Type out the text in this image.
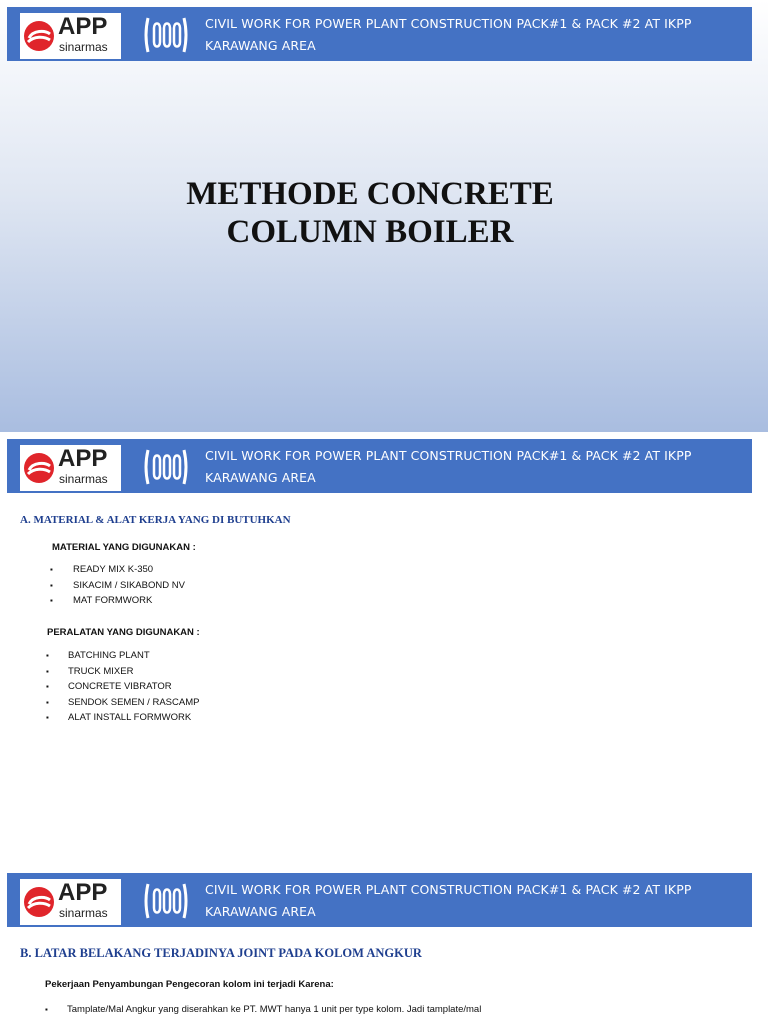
APP
sinarmas
CIVIL WORK FOR POWER PLANT CONSTRUCTION PACK#1 & PACK #2 AT IKPP
KARAWANG AREA
METHODE CONCRETE
COLUMN BOILER
APP
sinarmas
CIVIL WORK FOR POWER PLANT CONSTRUCTION PACK#1 & PACK #2 AT IKPP
KARAWANG AREA
A. MATERIAL & ALAT KERJA YANG DI BUTUHKAN
MATERIAL YANG DIGUNAKAN :
▪ READY MIX K-350
▪ SIKACIM / SIKABOND NV
▪ MAT FORMWORK
PERALATAN YANG DIGUNAKAN :
▪ BATCHING PLANT
▪ TRUCK MIXER
▪ CONCRETE VIBRATOR
▪ SENDOK SEMEN / RASCAMP
▪ ALAT INSTALL FORMWORK
APP
sinarmas
CIVIL WORK FOR POWER PLANT CONSTRUCTION PACK#1 & PACK #2 AT IKPP
KARAWANG AREA
B. LATAR BELAKANG TERJADINYA JOINT PADA KOLOM ANGKUR
Pekerjaan Penyambungan Pengecoran kolom ini terjadi Karena:
▪ Tamplate/Mal Angkur yang diserahkan ke PT. MWT hanya 1 unit per type kolom. Jadi tamplate/mal
